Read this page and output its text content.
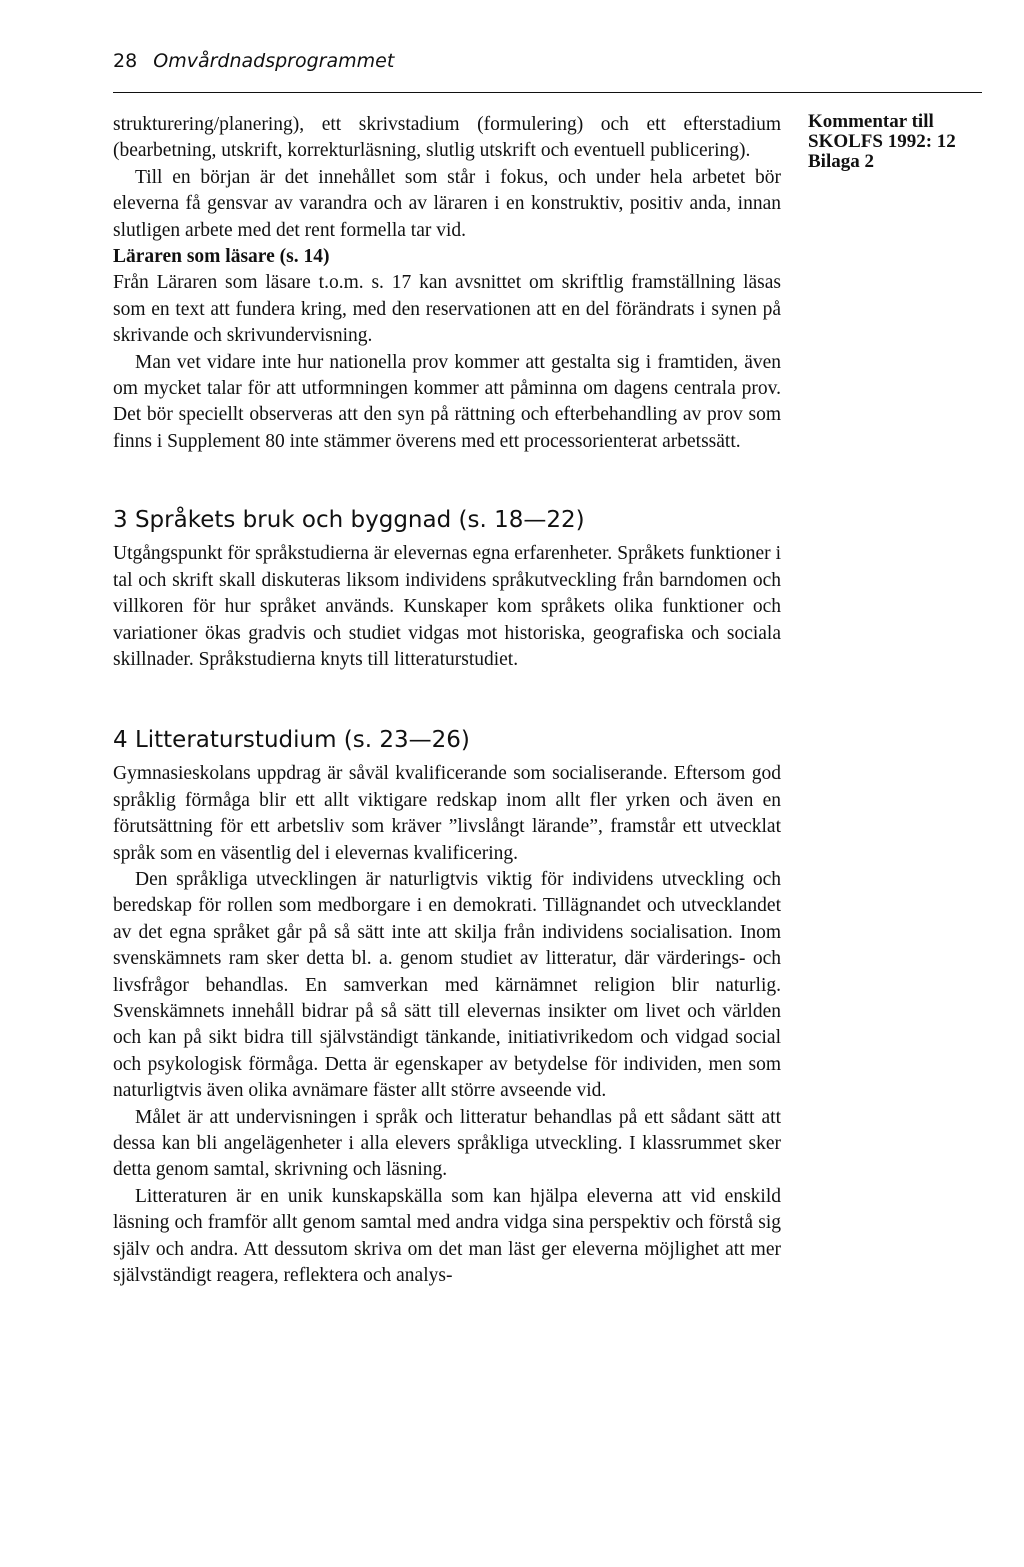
28 Omvårdnadsprogrammet
Kommentar till
SKOLFS 1992: 12
Bilaga 2

strukturering/planering), ett skrivstadium (formulering) och ett efterstadium (bearbetning, utskrift, korrekturläsning, slutlig utskrift och eventuell publicering).

Till en början är det innehållet som står i fokus, och under hela arbetet bör eleverna få gensvar av varandra och av läraren i en konstruktiv, positiv anda, innan slutligen arbete med det rent formella tar vid.

Läraren som läsare (s. 14)

Från Läraren som läsare t.o.m. s. 17 kan avsnittet om skriftlig framställning läsas som en text att fundera kring, med den reservationen att en del förändrats i synen på skrivande och skrivundervisning.

Man vet vidare inte hur nationella prov kommer att gestalta sig i framtiden, även om mycket talar för att utformningen kommer att påminna om dagens centrala prov. Det bör speciellt observeras att den syn på rättning och efterbehandling av prov som finns i Supplement 80 inte stämmer överens med ett processorienterat arbetssätt.

3 Språkets bruk och byggnad (s. 18—22)

Utgångspunkt för språkstudierna är elevernas egna erfarenheter. Språkets funktioner i tal och skrift skall diskuteras liksom individens språkutveckling från barndomen och villkoren för hur språket används. Kunskaper kom språkets olika funktioner och variationer ökas gradvis och studiet vidgas mot historiska, geografiska och sociala skillnader. Språkstudierna knyts till litteraturstudiet.

4 Litteraturstudium (s. 23—26)

Gymnasieskolans uppdrag är såväl kvalificerande som socialiserande. Eftersom god språklig förmåga blir ett allt viktigare redskap inom allt fler yrken och även en förutsättning för ett arbetsliv som kräver ”livslångt lärande”, framstår ett utvecklat språk som en väsentlig del i elevernas kvalificering.

Den språkliga utvecklingen är naturligtvis viktig för individens utveckling och beredskap för rollen som medborgare i en demokrati. Tillägnandet och utvecklandet av det egna språket går på så sätt inte att skilja från individens socialisation. Inom svenskämnets ram sker detta bl. a. genom studiet av litteratur, där värderings- och livsfrågor behandlas. En samverkan med kärnämnet religion blir naturlig. Svenskämnets innehåll bidrar på så sätt till elevernas insikter om livet och världen och kan på sikt bidra till självständigt tänkande, initiativrikedom och vidgad social och psykologisk förmåga. Detta är egenskaper av betydelse för individen, men som naturligtvis även olika avnämare fäster allt större avseende vid.

Målet är att undervisningen i språk och litteratur behandlas på ett sådant sätt att dessa kan bli angelägenheter i alla elevers språkliga utveckling. I klassrummet sker detta genom samtal, skrivning och läsning.

Litteraturen är en unik kunskapskälla som kan hjälpa eleverna att vid enskild läsning och framför allt genom samtal med andra vidga sina perspektiv och förstå sig själv och andra. Att dessutom skriva om det man läst ger eleverna möjlighet att mer självständigt reagera, reflektera och analys-
